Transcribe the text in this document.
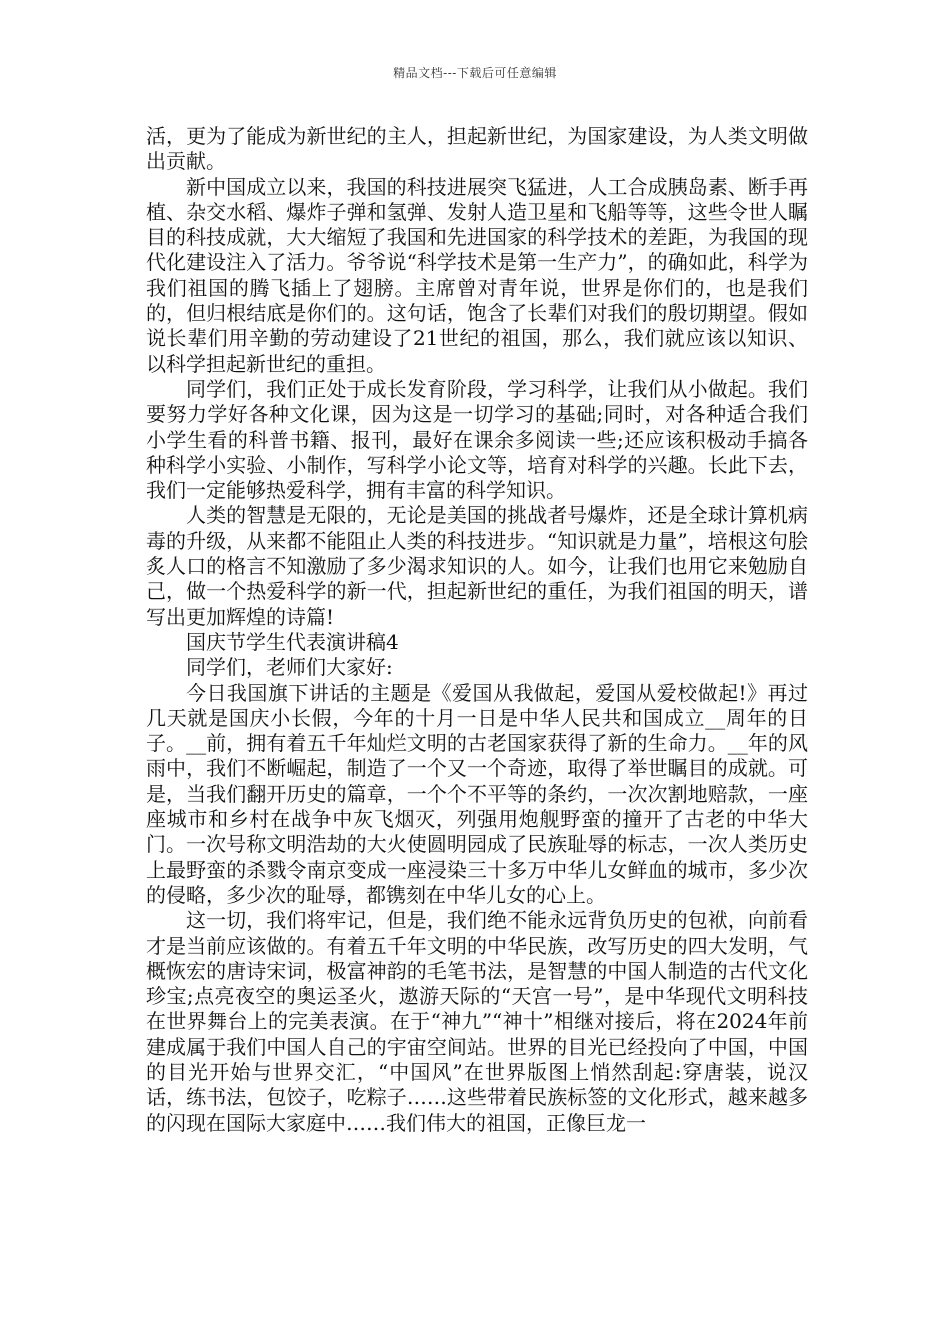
精品文档---下载后可任意编辑

活，更为了能成为新世纪的主人，担起新世纪，为国家建设，为人类文明做出贡献。

新中国成立以来，我国的科技进展突飞猛进，人工合成胰岛素、断手再植、杂交水稻、爆炸子弹和氢弹、发射人造卫星和飞船等等，这些令世人瞩目的科技成就，大大缩短了我国和先进国家的科学技术的差距，为我国的现代化建设注入了活力。爷爷说“科学技术是第一生产力”，的确如此，科学为我们祖国的腾飞插上了翅膀。主席曾对青年说，世界是你们的，也是我们的，但归根结底是你们的。这句话，饱含了长辈们对我们的殷切期望。假如说长辈们用辛勤的劳动建设了21世纪的祖国，那么，我们就应该以知识、以科学担起新世纪的重担。

同学们，我们正处于成长发育阶段，学习科学，让我们从小做起。我们要努力学好各种文化课，因为这是一切学习的基础;同时，对各种适合我们小学生看的科普书籍、报刊，最好在课余多阅读一些;还应该积极动手搞各种科学小实验、小制作，写科学小论文等，培育对科学的兴趣。长此下去，我们一定能够热爱科学，拥有丰富的科学知识。

人类的智慧是无限的，无论是美国的挑战者号爆炸，还是全球计算机病毒的升级，从来都不能阻止人类的科技进步。“知识就是力量”，培根这句脍炙人口的格言不知激励了多少渴求知识的人。如今，让我们也用它来勉励自己，做一个热爱科学的新一代，担起新世纪的重任，为我们祖国的明天，谱写出更加辉煌的诗篇!

国庆节学生代表演讲稿4

同学们，老师们大家好:

今日我国旗下讲话的主题是《爱国从我做起，爱国从爱校做起!》再过几天就是国庆小长假，今年的十月一日是中华人民共和国成立__周年的日子。__前，拥有着五千年灿烂文明的古老国家获得了新的生命力。__年的风雨中，我们不断崛起，制造了一个又一个奇迹，取得了举世瞩目的成就。可是，当我们翻开历史的篇章，一个个不平等的条约，一次次割地赔款，一座座城市和乡村在战争中灰飞烟灭，列强用炮舰野蛮的撞开了古老的中华大门。一次号称文明浩劫的大火使圆明园成了民族耻辱的标志，一次人类历史上最野蛮的杀戮令南京变成一座浸染三十多万中华儿女鲜血的城市，多少次的侵略，多少次的耻辱，都镌刻在中华儿女的心上。

这一切，我们将牢记，但是，我们绝不能永远背负历史的包袱，向前看才是当前应该做的。有着五千年文明的中华民族，改写历史的四大发明，气概恢宏的唐诗宋词，极富神韵的毛笔书法，是智慧的中国人制造的古代文化珍宝;点亮夜空的奥运圣火，遨游天际的“天宫一号”，是中华现代文明科技在世界舞台上的完美表演。在于“神九”“神十”相继对接后，将在2024年前建成属于我们中国人自己的宇宙空间站。世界的目光已经投向了中国，中国的目光开始与世界交汇，“中国风”在世界版图上悄然刮起:穿唐装，说汉话，练书法，包饺子，吃粽子……这些带着民族标签的文化形式，越来越多的闪现在国际大家庭中……我们伟大的祖国，正像巨龙一
